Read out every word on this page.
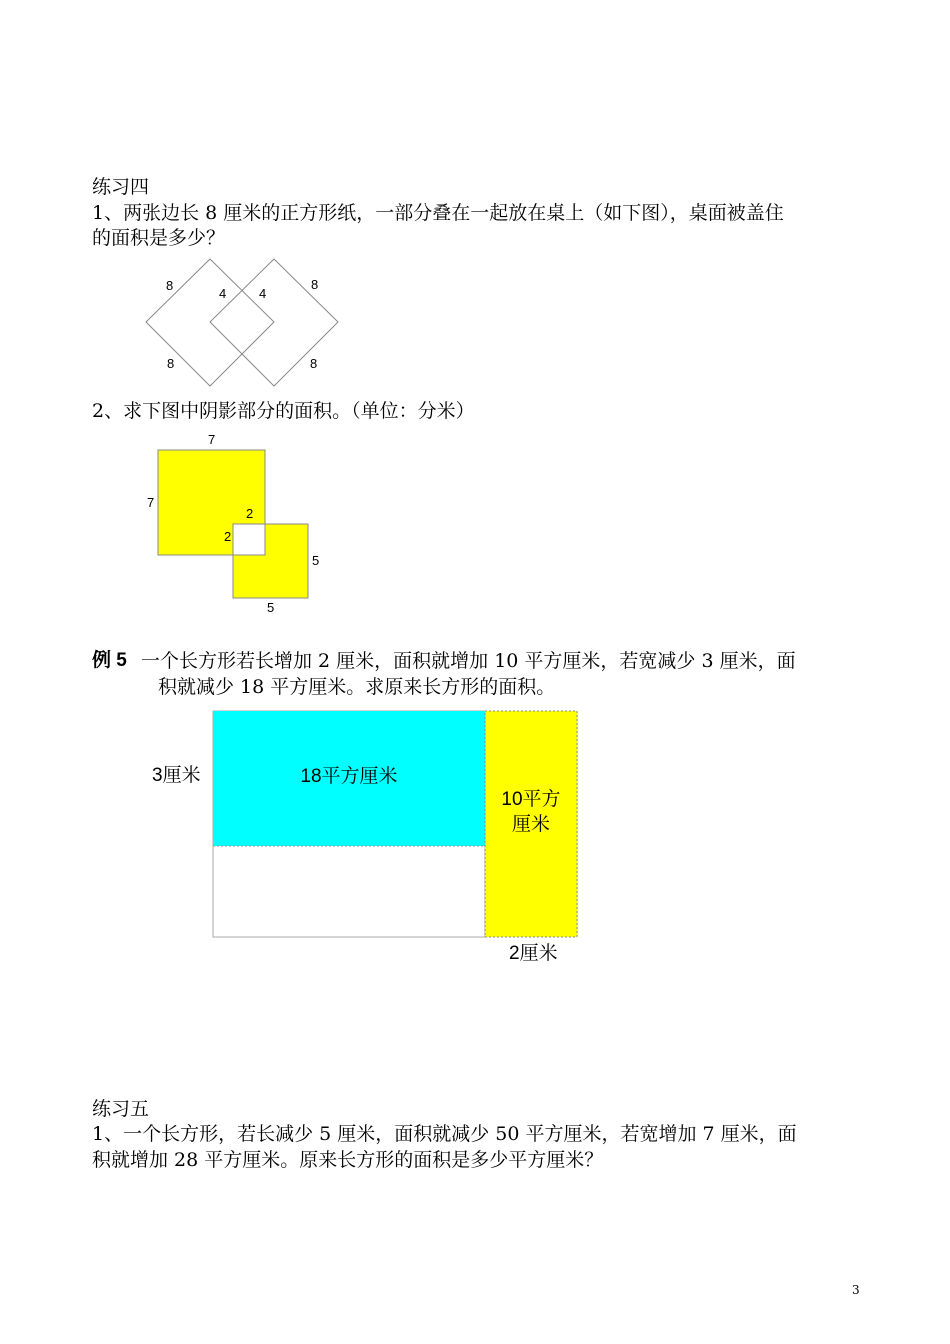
练习四
1、两张边长 8 厘米的正方形纸，一部分叠在一起放在桌上（如下图），桌面被盖住
的面积是多少？
8
4	4
8
8	8
2、求下图中阴影部分的面积。（单位：分米）
7
7
2
2
5
5
例 5 一个长方形若长增加 2 厘米，面积就增加 10 平方厘米，若宽减少 3 厘米，面
积就减少 18 平方厘米。求原来长方形的面积。
3厘米	18平方厘米
10平方
厘米
2厘米
练习五
1、一个长方形，若长减少 5 厘米，面积就减少 50 平方厘米，若宽增加 7 厘米，面
积就增加 28 平方厘米。原来长方形的面积是多少平方厘米？
3
